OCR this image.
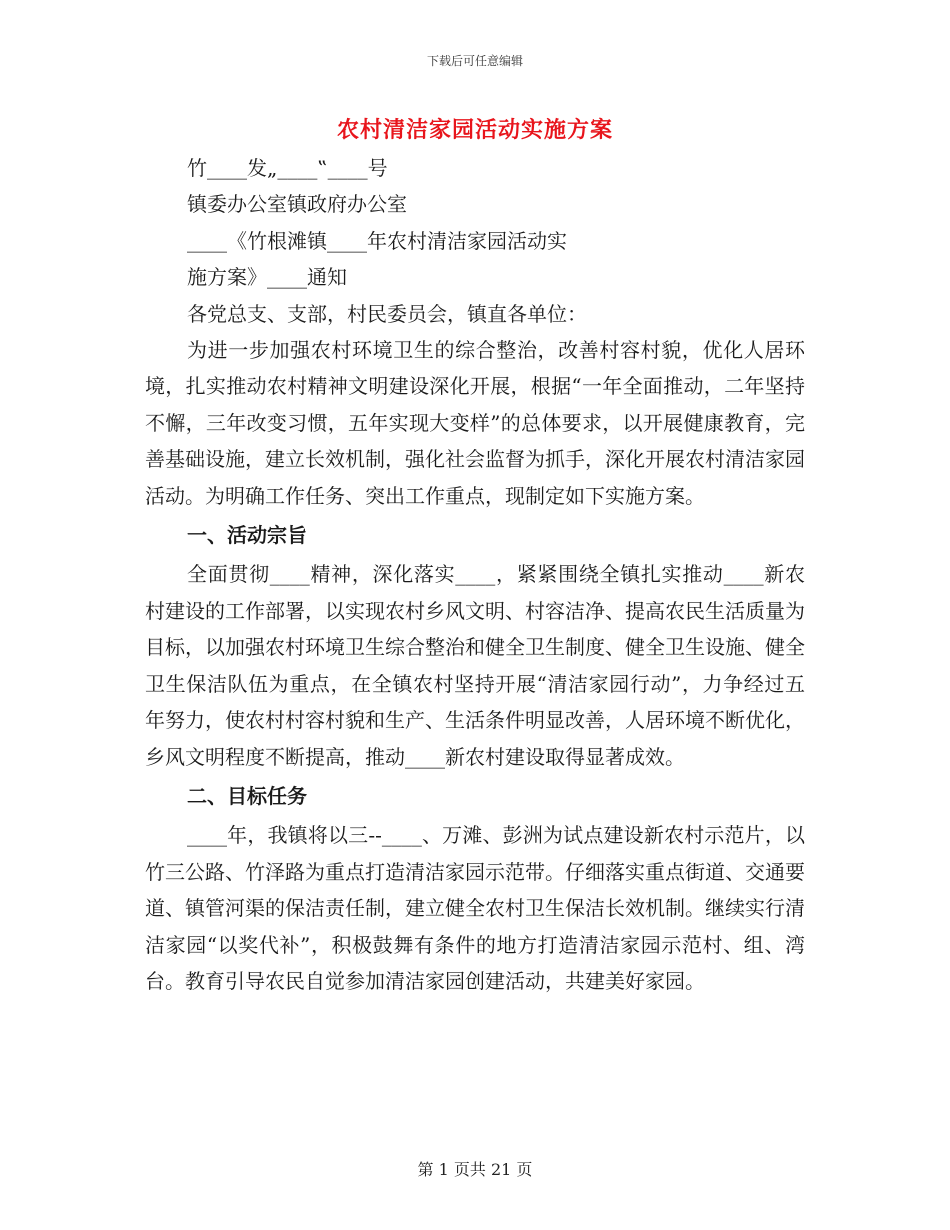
下载后可任意编辑
农村清洁家园活动实施方案

竹____发„____‟____号

镇委办公室镇政府办公室

____《竹根滩镇____年农村清洁家园活动实

施方案》____通知

各党总支、支部，村民委员会，镇直各单位：

为进一步加强农村环境卫生的综合整治，改善村容村貌，优化人居环境，扎实推动农村精神文明建设深化开展，根据“一年全面推动，二年坚持不懈，三年改变习惯，五年实现大变样”的总体要求，以开展健康教育，完善基础设施，建立长效机制，强化社会监督为抓手，深化开展农村清洁家园活动。为明确工作任务、突出工作重点，现制定如下实施方案。

一、活动宗旨

全面贯彻____精神，深化落实____，紧紧围绕全镇扎实推动____新农村建设的工作部署，以实现农村乡风文明、村容洁净、提高农民生活质量为目标，以加强农村环境卫生综合整治和健全卫生制度、健全卫生设施、健全卫生保洁队伍为重点，在全镇农村坚持开展“清洁家园行动”，力争经过五年努力，使农村村容村貌和生产、生活条件明显改善，人居环境不断优化，乡风文明程度不断提高，推动____新农村建设取得显著成效。

二、目标任务

____年，我镇将以三--____、万滩、彭洲为试点建设新农村示范片，以竹三公路、竹泽路为重点打造清洁家园示范带。仔细落实重点街道、交通要道、镇管河渠的保洁责任制，建立健全农村卫生保洁长效机制。继续实行清洁家园“以奖代补”，积极鼓舞有条件的地方打造清洁家园示范村、组、湾台。教育引导农民自觉参加清洁家园创建活动，共建美好家园。

第 1 页共 21 页
